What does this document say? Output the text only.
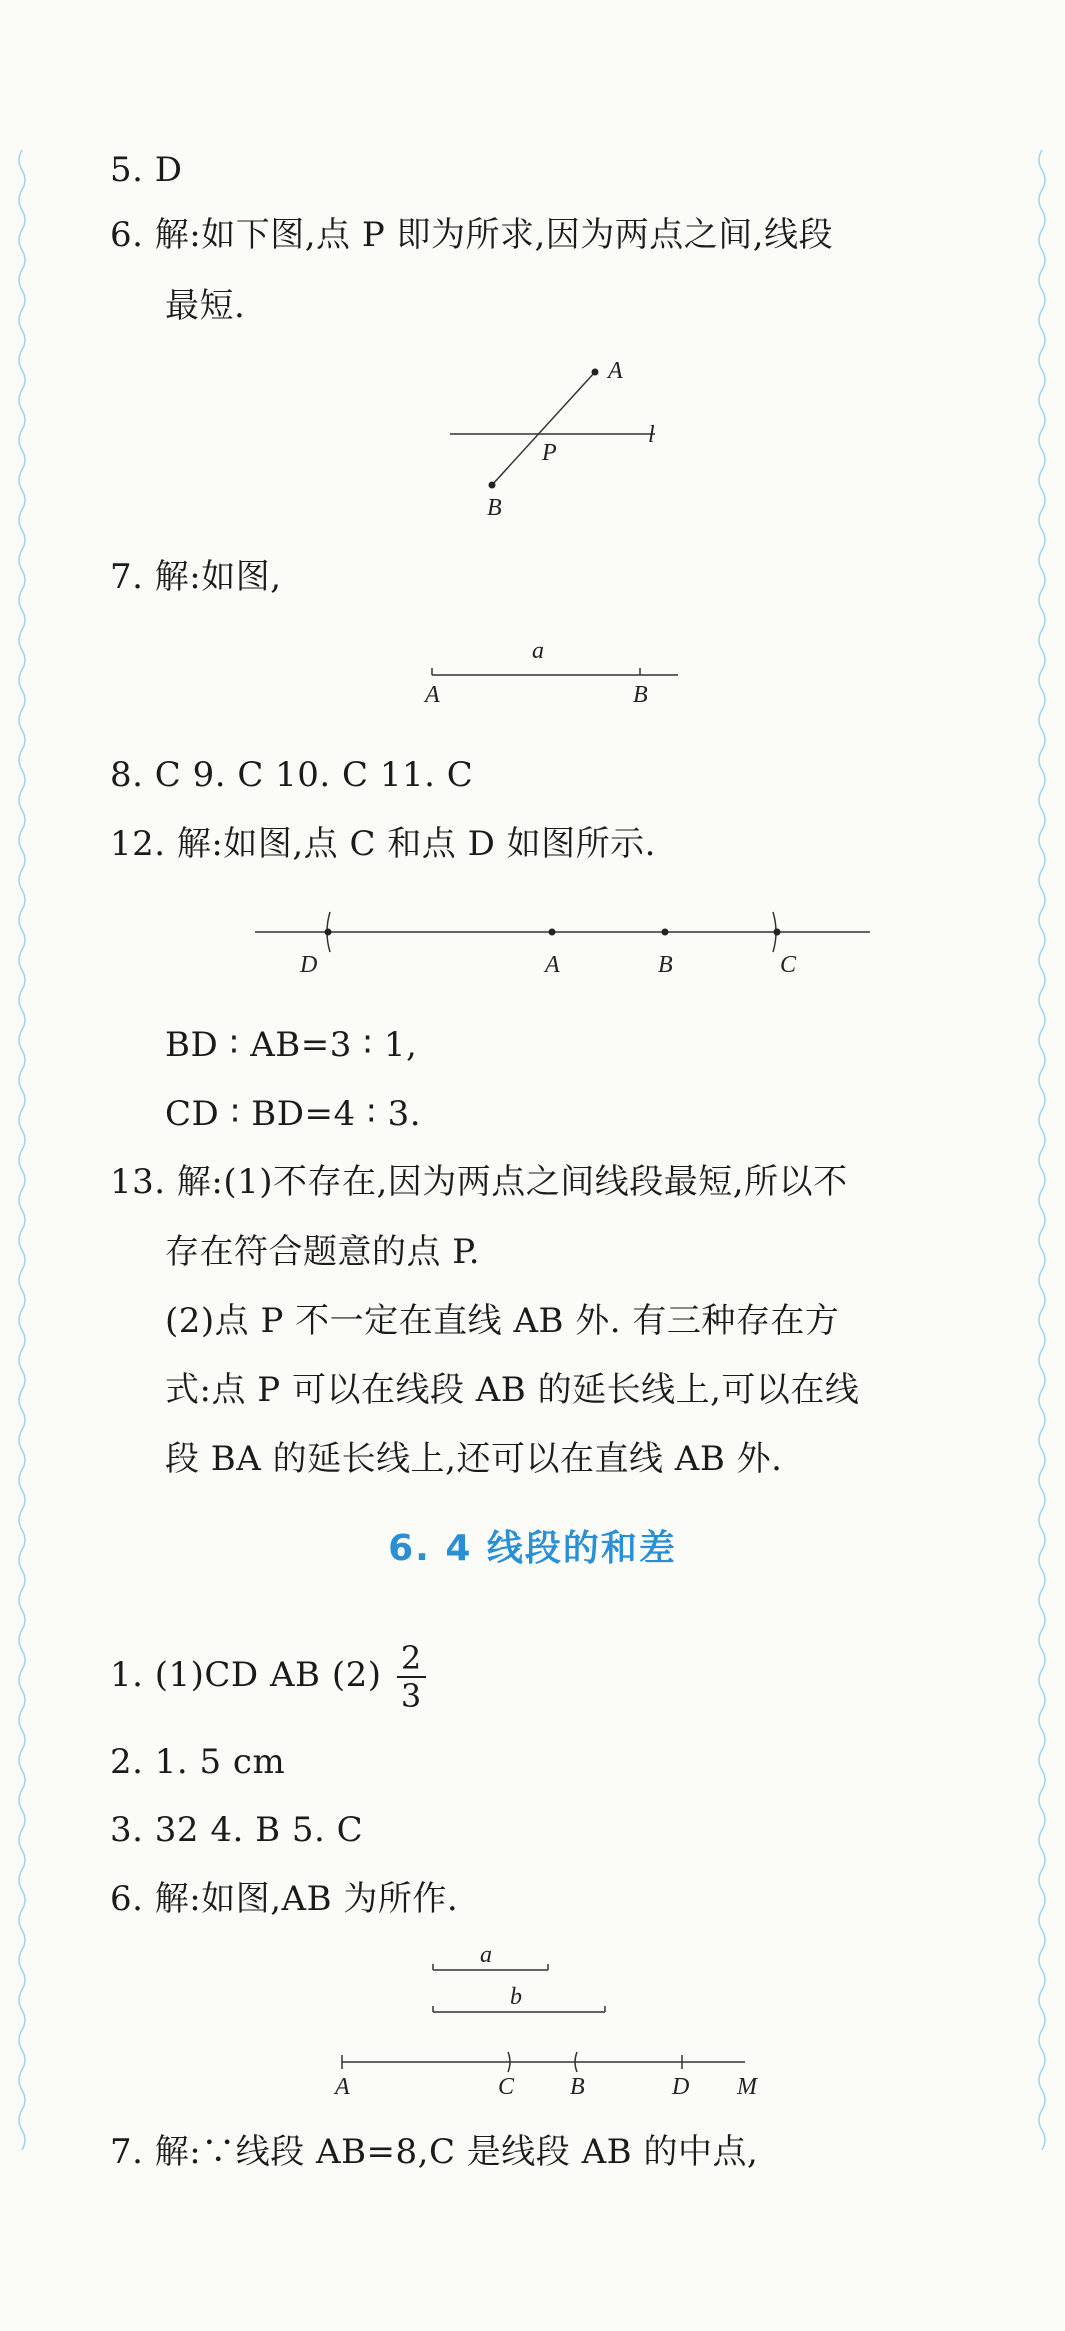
5. D
6. 解:如下图,点 P 即为所求,因为两点之间,线段
最短.
A
B
P
l
7. 解:如图,
a
A	B
8. C 9. C 10. C 11. C
12. 解:如图,点 C 和点 D 如图所示.
D	A	B	C
BD ∶ AB=3 ∶ 1,
CD ∶ BD=4 ∶ 3.
13. 解:(1)不存在,因为两点之间线段最短,所以不
存在符合题意的点 P.
(2)点 P 不一定在直线 AB 外. 有三种存在方
式:点 P 可以在线段 AB 的延长线上,可以在线
段 BA 的延长线上,还可以在直线 AB 外.
6. 4 线段的和差
1. (1)CD AB $(2) \frac{2}{3}$
2. 1. 5 cm
3. 32 4. B 5. C
6. 解:如图,AB 为所作.
a
b
A	C B	D M
7. 解:∵线段 AB=8,C 是线段 AB 的中点,
